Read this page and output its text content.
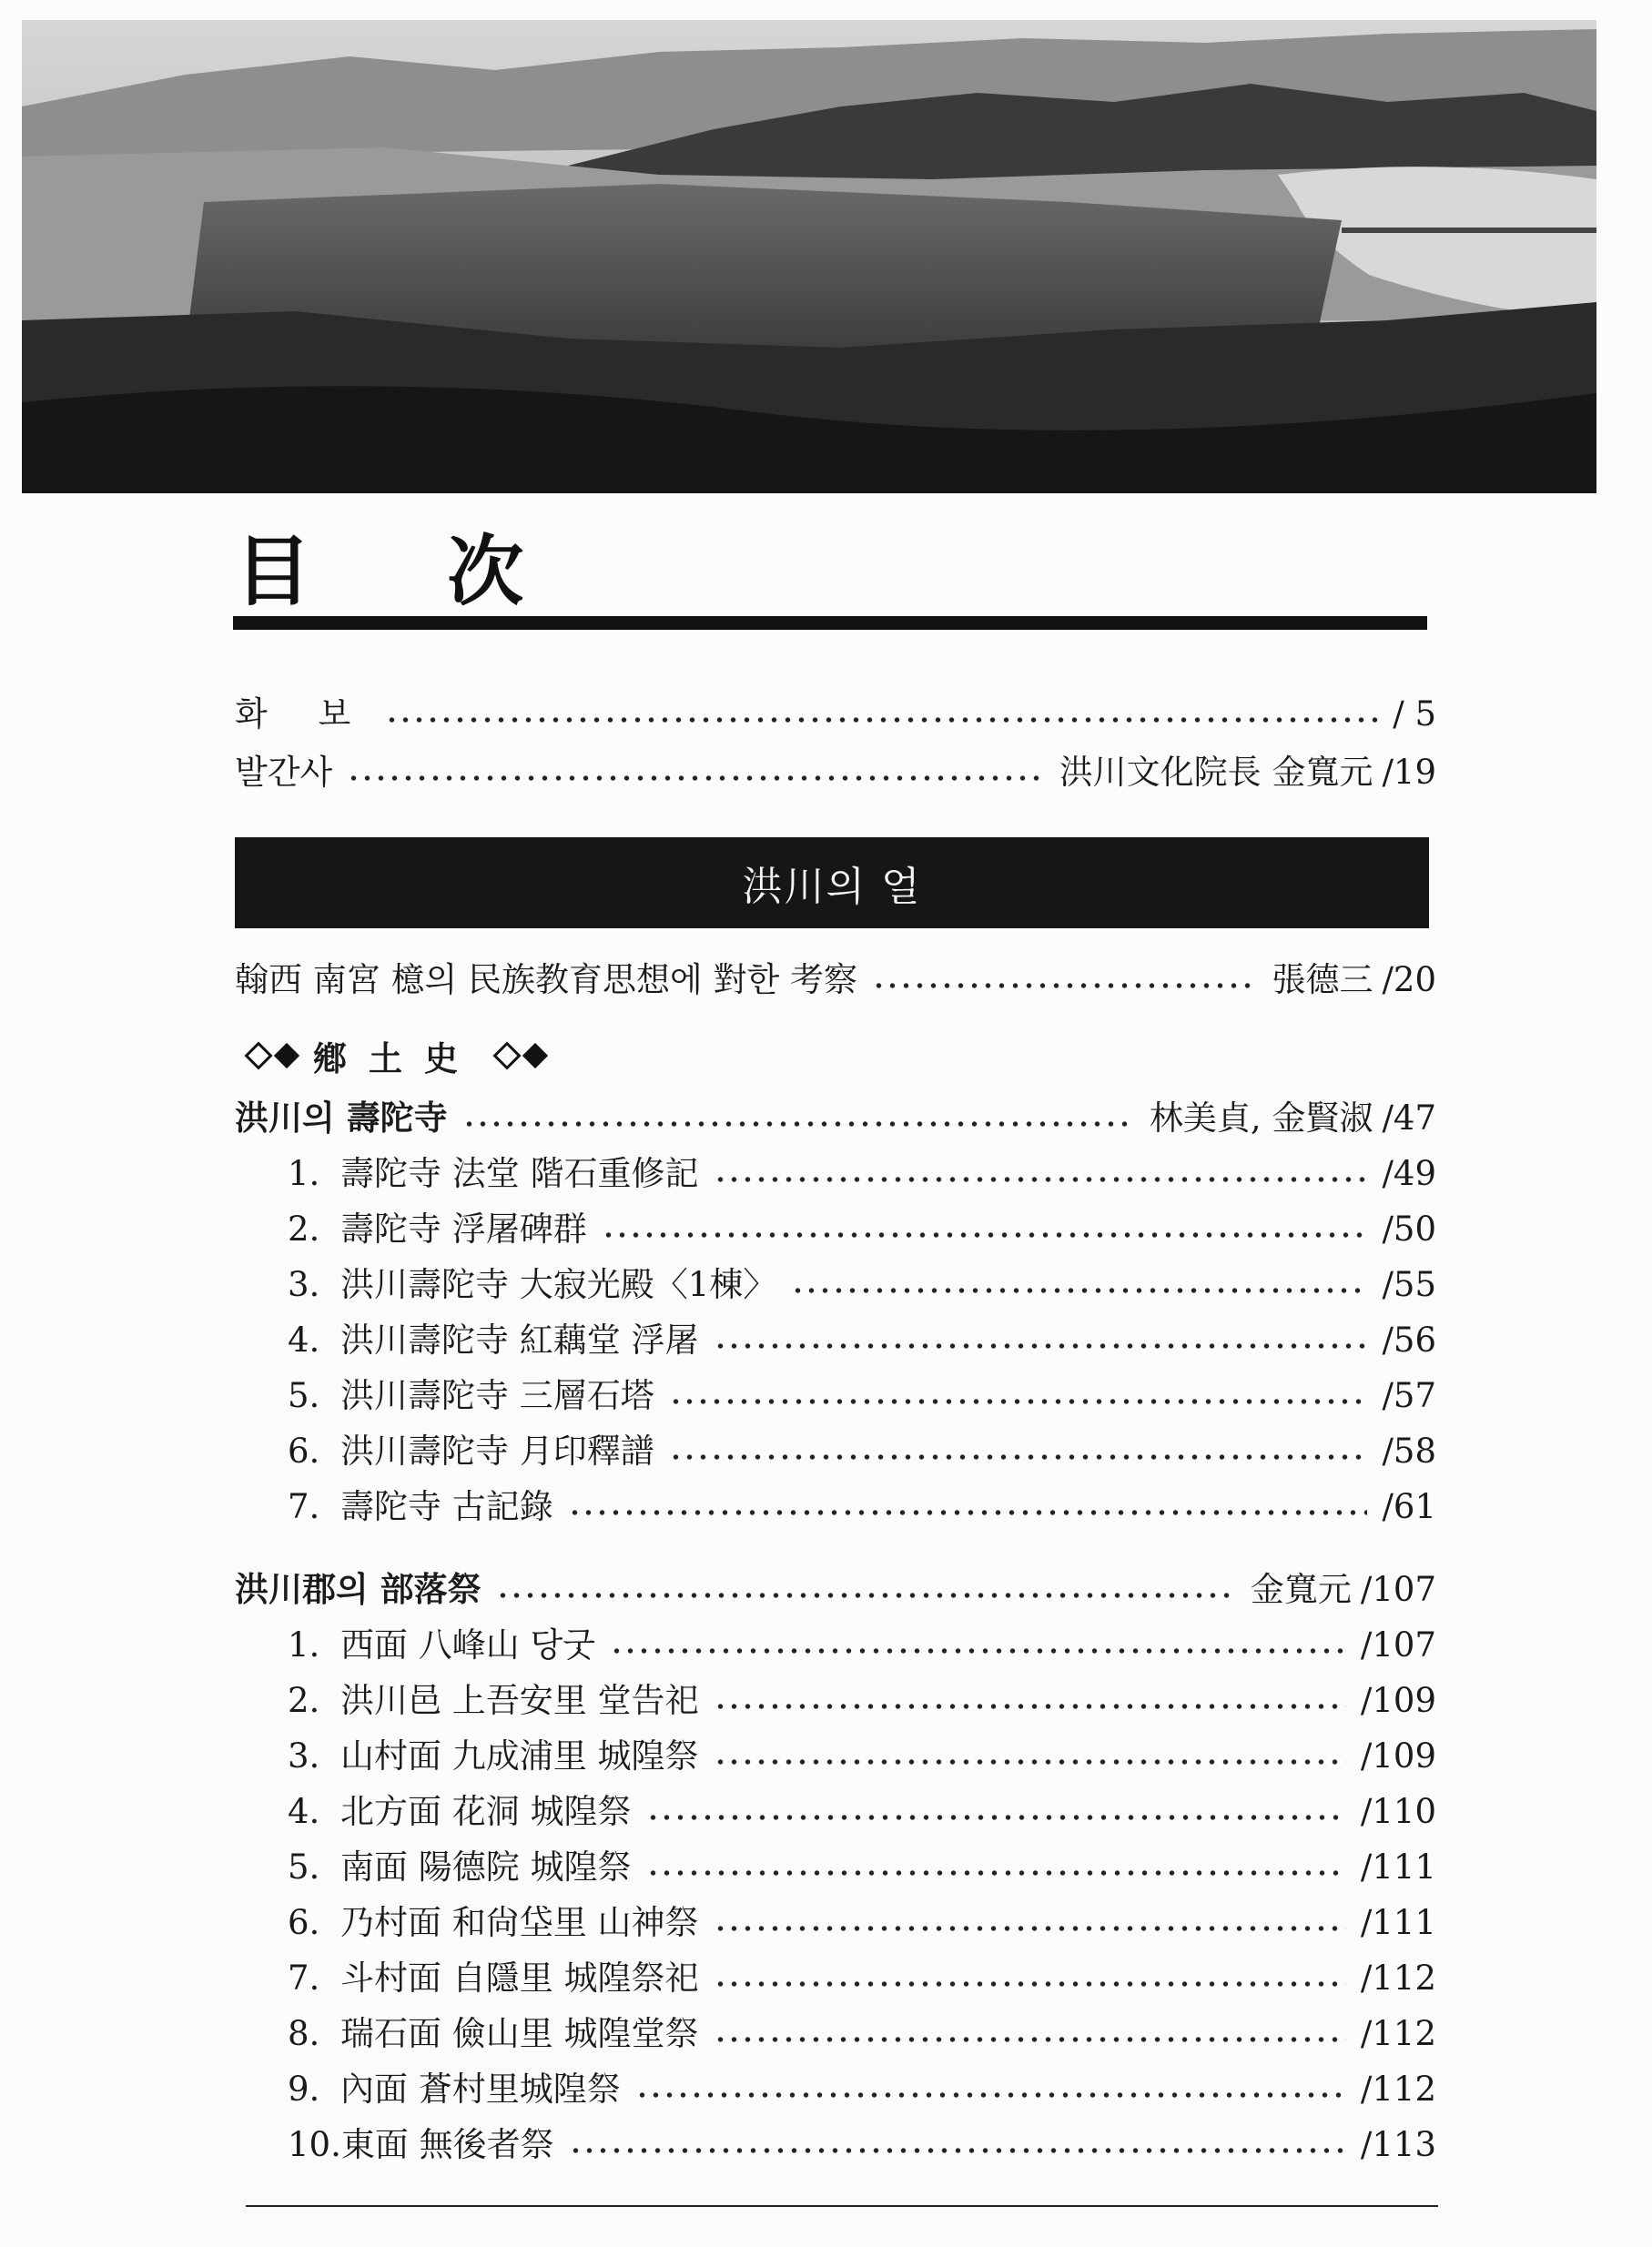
目 次
화 보	/ 5
발간사	洪川文化院長 金寬元 /19
洪川의 얼
翰西 南宮 檍의 民族教育思想에 對한 考察	張德三 /20
鄕土史
洪川의 壽陀寺	林美貞, 金賢淑 /47
1. 壽陀寺 法堂 階石重修記	/49
2. 壽陀寺 浮屠碑群	/50
3. 洪川壽陀寺 大寂光殿〈1棟〉	/55
4. 洪川壽陀寺 紅藕堂 浮屠	/56
5. 洪川壽陀寺 三層石塔	/57
6. 洪川壽陀寺 月印釋譜	/58
7. 壽陀寺 古記錄	/61
洪川郡의 部落祭	金寬元 /107
1. 西面 八峰山 당굿	/107
2. 洪川邑 上吾安里 堂告祀	/109
3. 山村面 九成浦里 城隍祭	/109
4. 北方面 花洞 城隍祭	/110
5. 南面 陽德院 城隍祭	/111
6. 乃村面 和尙垈里 山神祭	/111
7. 斗村面 自隱里 城隍祭祀	/112
8. 瑞石面 儉山里 城隍堂祭	/112
9. 內面 蒼村里城隍祭	/112
10.東面 無後者祭	/113
